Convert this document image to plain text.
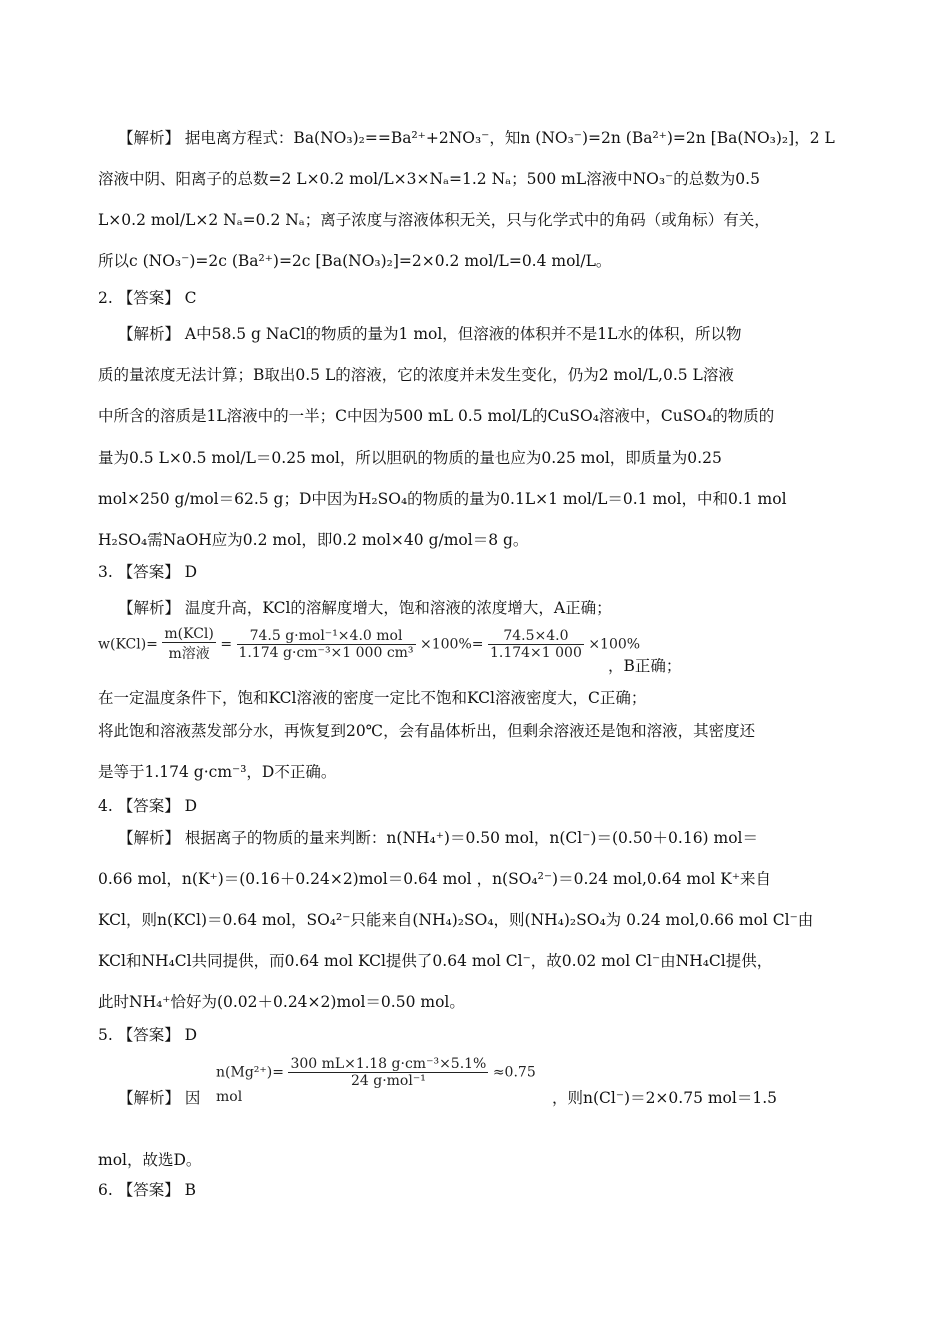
【解析】 据电离方程式：Ba(NO₃)₂==Ba²⁺+2NO₃⁻，知n (NO₃⁻)=2n (Ba²⁺)=2n [Ba(NO₃)₂]，2 L
溶液中阴、阳离子的总数=2 L×0.2 mol/L×3×Nₐ=1.2 Nₐ；500 mL溶液中NO₃⁻的总数为0.5
L×0.2 mol/L×2 Nₐ=0.2 Nₐ；离子浓度与溶液体积无关，只与化学式中的角码（或角标）有关，
所以c (NO₃⁻)=2c (Ba²⁺)=2c [Ba(NO₃)₂]=2×0.2 mol/L=0.4 mol/L。
2. 【答案】 C
【解析】 A中58.5 g NaCl的物质的量为1 mol，但溶液的体积并不是1L水的体积，所以物
质的量浓度无法计算；B取出0.5 L的溶液，它的浓度并未发生变化，仍为2 mol/L,0.5 L溶液
中所含的溶质是1L溶液中的一半；C中因为500 mL 0.5 mol/L的CuSO₄溶液中，CuSO₄的物质的
量为0.5 L×0.5 mol/L＝0.25 mol，所以胆矾的物质的量也应为0.25 mol，即质量为0.25
mol×250 g/mol＝62.5 g；D中因为H₂SO₄的物质的量为0.1L×1 mol/L＝0.1 mol，中和0.1 mol
H₂SO₄需NaOH应为0.2 mol，即0.2 mol×40 g/mol＝8 g。
3. 【答案】 D
【解析】 温度升高，KCl的溶解度增大，饱和溶液的浓度增大，A正确；
$w(KCl)= \frac{\text{m(KCl)}}{\text{m溶液}} = \frac{\text{74.5 g·mol⁻¹×4.0 mol}}{\text{1.174 g·cm⁻³×1 000 cm³}} \times 100\%= \frac{74.5\times 4.0}{1.174\times 1 000} \times 100\%$
，B正确；
在一定温度条件下，饱和KCl溶液的密度一定比不饱和KCl溶液密度大，C正确；
将此饱和溶液蒸发部分水，再恢复到20℃，会有晶体析出，但剩余溶液还是饱和溶液，其密度还
是等于1.174 g·cm⁻³，D不正确。
4. 【答案】 D
【解析】 根据离子的物质的量来判断：n(NH₄⁺)＝0.50 mol，n(Cl⁻)＝(0.50＋0.16) mol＝
0.66 mol，n(K⁺)＝(0.16＋0.24×2)mol＝0.64 mol ，n(SO₄²⁻)＝0.24 mol,0.64 mol K⁺来自
KCl，则n(KCl)＝0.64 mol，SO₄²⁻只能来自(NH₄)₂SO₄，则(NH₄)₂SO₄为 0.24 mol,0.66 mol Cl⁻由
KCl和NH₄Cl共同提供，而0.64 mol KCl提供了0.64 mol Cl⁻，故0.02 mol Cl⁻由NH₄Cl提供，
此时NH₄⁺恰好为(0.02＋0.24×2)mol＝0.50 mol。
5. 【答案】 D
【解析】 因
$n(Mg^{2+})= \frac{\text{300 mL×1.18 g·cm⁻³×5.1\%}}{\text{24 g·mol⁻¹}} \approx 0.75$ mol	，则n(Cl⁻)＝2×0.75 mol＝1.5
mol，故选D。
6. 【答案】 B
